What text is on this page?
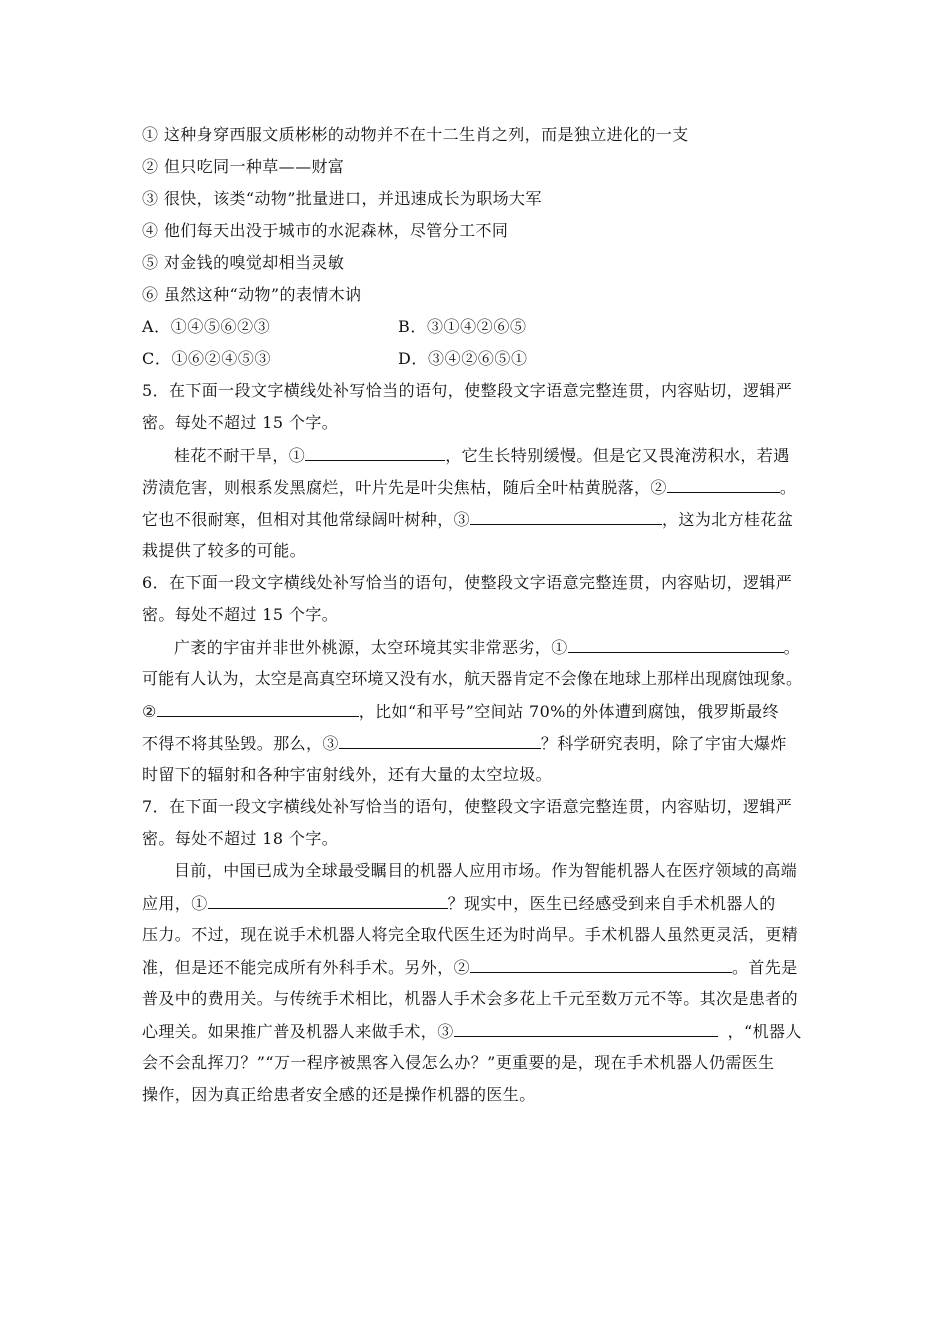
① 这种身穿西服文质彬彬的动物并不在十二生肖之列，而是独立进化的一支
② 但只吃同一种草——财富
③ 很快，该类“动物”批量进口，并迅速成长为职场大军
④ 他们每天出没于城市的水泥森林，尽管分工不同
⑤ 对金钱的嗅觉却相当灵敏
⑥ 虽然这种“动物”的表情木讷
A．①④⑤⑥②③	B．③①④②⑥⑤
C．①⑥②④⑤③	D．③④②⑥⑤①
5．在下面一段文字横线处补写恰当的语句，使整段文字语意完整连贯，内容贴切，逻辑严
密。每处不超过 15 个字。
桂花不耐干旱，①	，它生长特别缓慢。但是它又畏淹涝积水，若遇
涝渍危害，则根系发黑腐烂，叶片先是叶尖焦枯，随后全叶枯黄脱落，②	。
它也不很耐寒，但相对其他常绿阔叶树种，③	，这为北方桂花盆
栽提供了较多的可能。
6．在下面一段文字横线处补写恰当的语句，使整段文字语意完整连贯，内容贴切，逻辑严
密。每处不超过 15 个字。
广袤的宇宙并非世外桃源，太空环境其实非常恶劣，①	。
可能有人认为，太空是高真空环境又没有水，航天器肯定不会像在地球上那样出现腐蚀现象。
②	，比如“和平号”空间站 70%的外体遭到腐蚀，俄罗斯最终
不得不将其坠毁。那么，③	？科学研究表明，除了宇宙大爆炸
时留下的辐射和各种宇宙射线外，还有大量的太空垃圾。
7．在下面一段文字横线处补写恰当的语句，使整段文字语意完整连贯，内容贴切，逻辑严
密。每处不超过 18 个字。
目前，中国已成为全球最受瞩目的机器人应用市场。作为智能机器人在医疗领域的高端
应用，①	？现实中，医生已经感受到来自手术机器人的
压力。不过，现在说手术机器人将完全取代医生还为时尚早。手术机器人虽然更灵活，更精
准，但是还不能完成所有外科手术。另外，②	。首先是
普及中的费用关。与传统手术相比，机器人手术会多花上千元至数万元不等。其次是患者的
心理关。如果推广普及机器人来做手术，③	，“机器人
会不会乱挥刀？”“万一程序被黑客入侵怎么办？”更重要的是，现在手术机器人仍需医生
操作，因为真正给患者安全感的还是操作机器的医生。
